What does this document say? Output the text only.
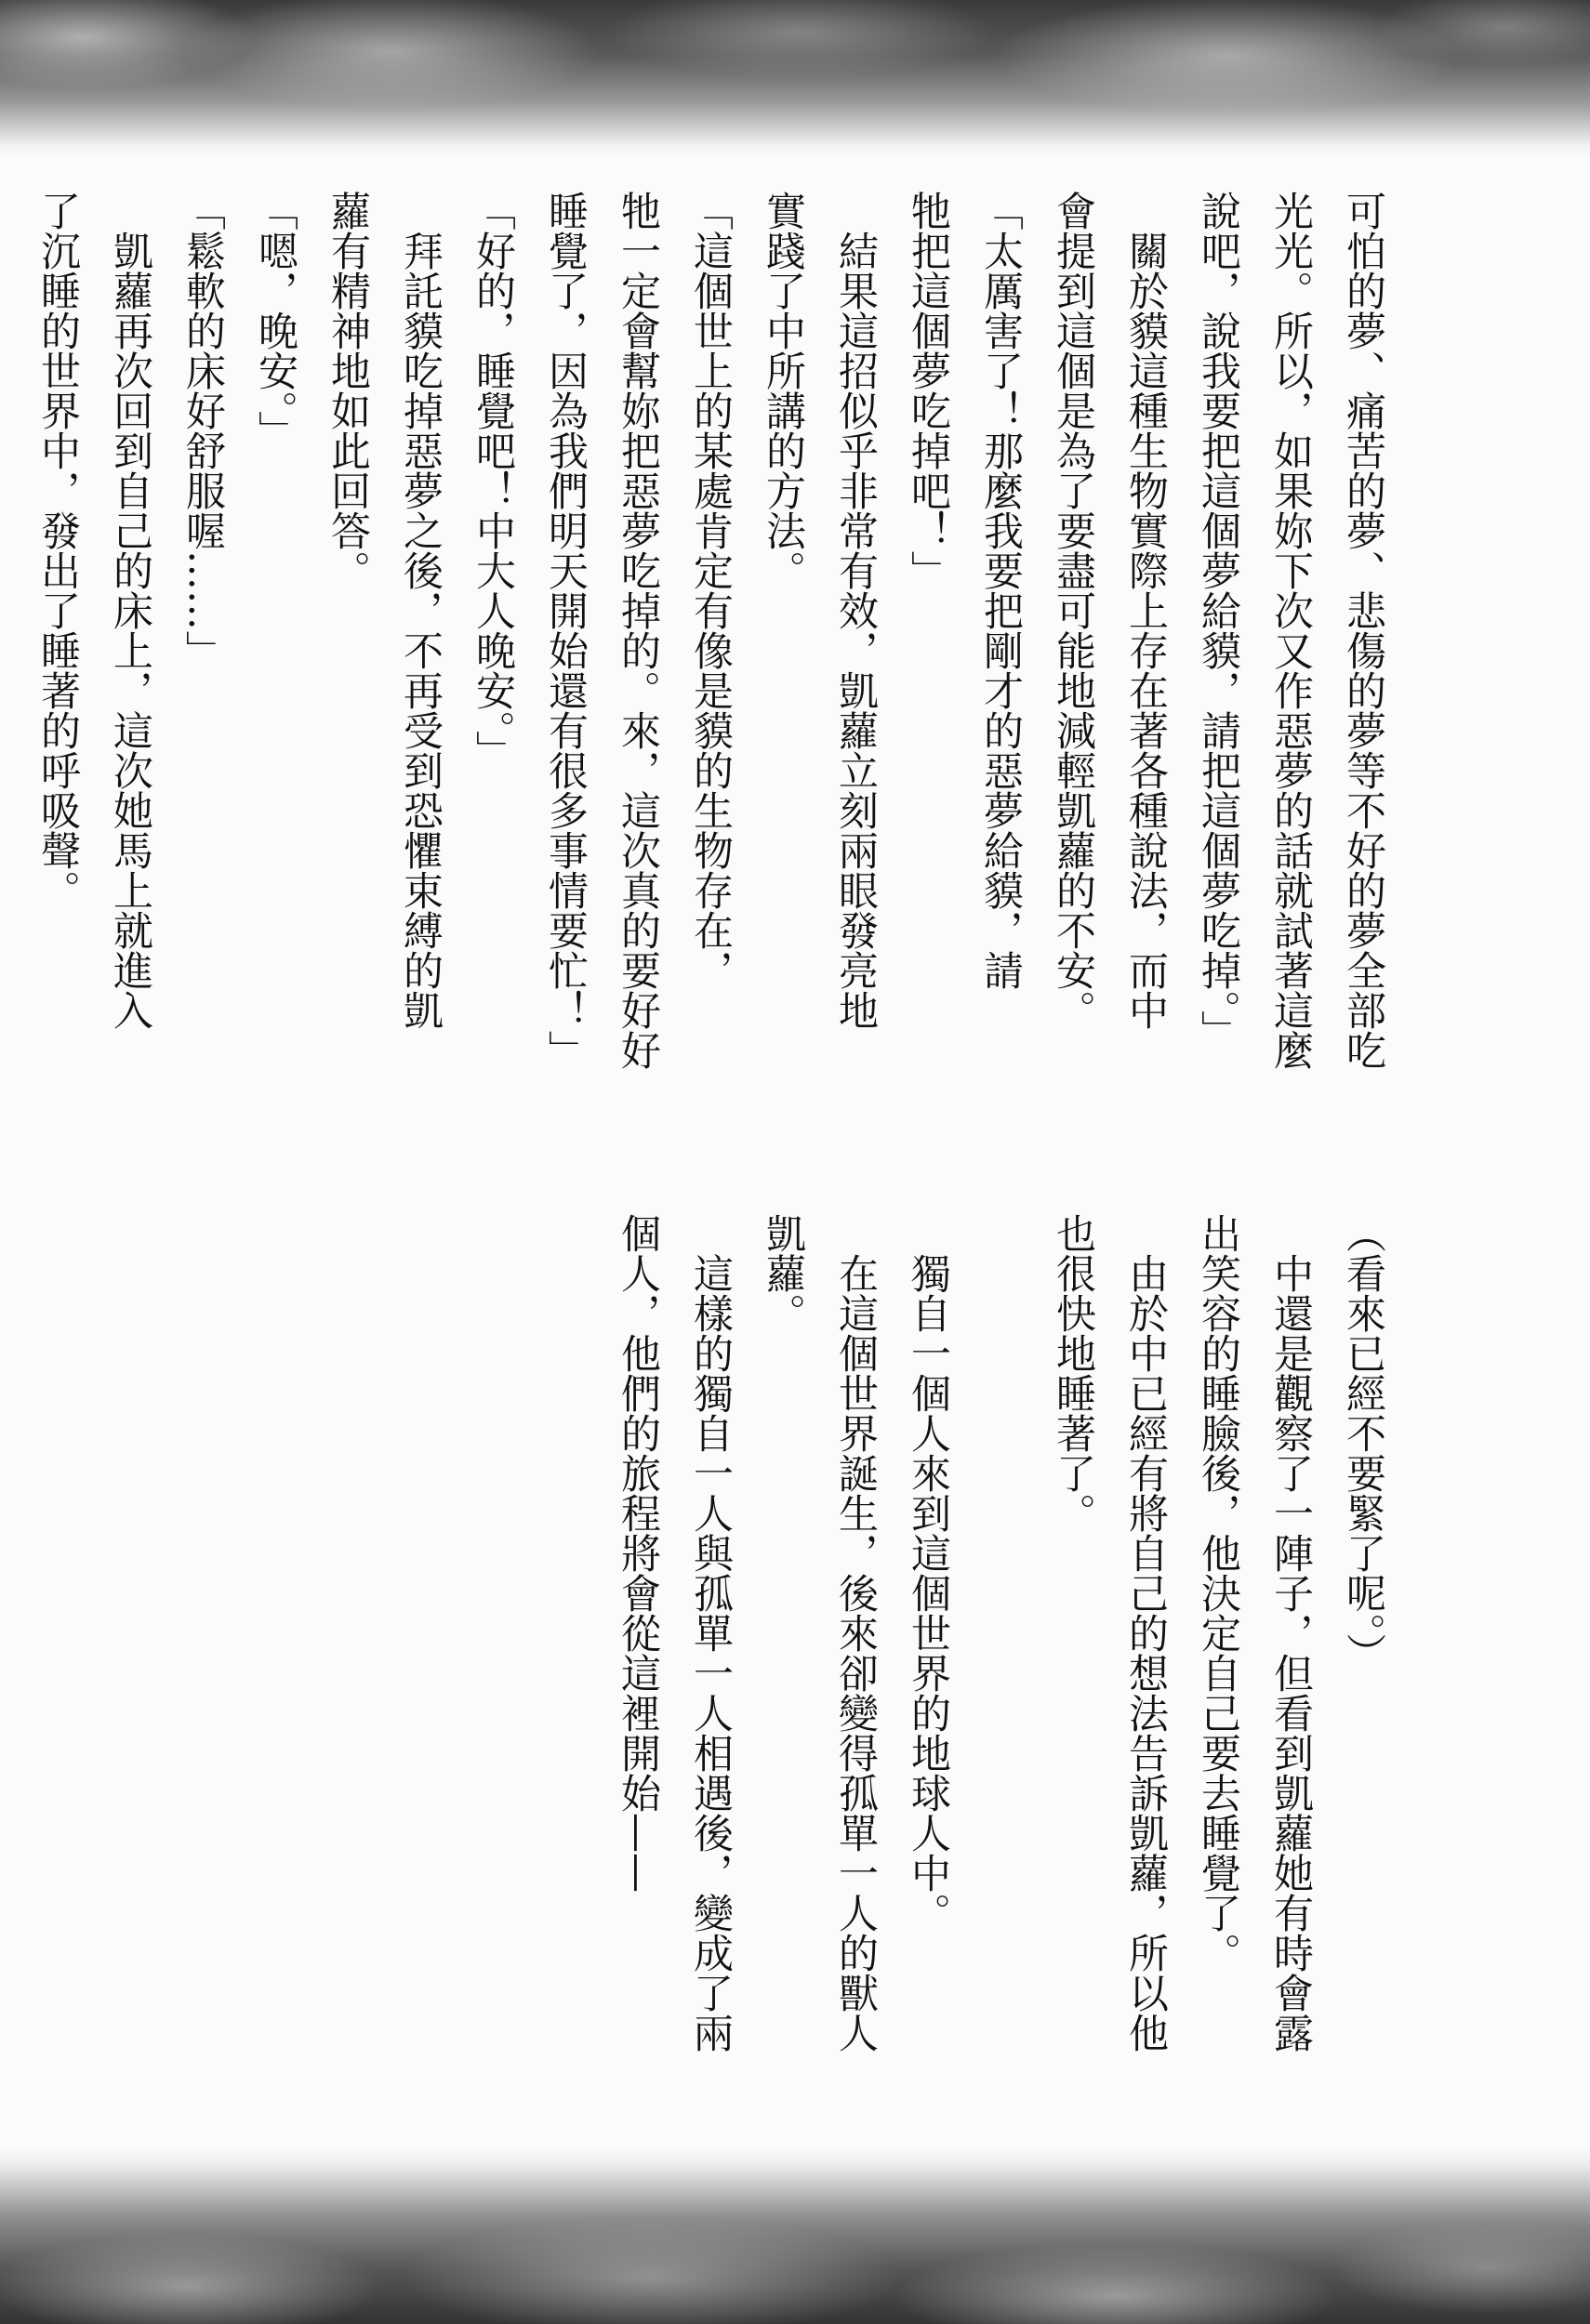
可怕的夢、痛苦的夢、悲傷的夢等不好的夢全部吃
光光。所以，如果妳下次又作惡夢的話就試著這麼
說吧，說我要把這個夢給貘，請把這個夢吃掉。」
　關於貘這種生物實際上存在著各種說法，而中
會提到這個是為了要盡可能地減輕凱蘿的不安。
「太厲害了！那麼我要把剛才的惡夢給貘，請
牠把這個夢吃掉吧！」
　結果這招似乎非常有效，凱蘿立刻兩眼發亮地
實踐了中所講的方法。
「這個世上的某處肯定有像是貘的生物存在，
牠一定會幫妳把惡夢吃掉的。來，這次真的要好好
睡覺了，因為我們明天開始還有很多事情要忙！」
「好的，睡覺吧！中大人晚安。」
　拜託貘吃掉惡夢之後，不再受到恐懼束縛的凱
蘿有精神地如此回答。
「嗯，晚安。」
「鬆軟的床好舒服喔……」
　凱蘿再次回到自己的床上，這次她馬上就進入
了沉睡的世界中，發出了睡著的呼吸聲。
（看來已經不要緊了呢。）
　中還是觀察了一陣子，但看到凱蘿她有時會露
出笑容的睡臉後，他決定自己要去睡覺了。
　由於中已經有將自己的想法告訴凱蘿，所以他
也很快地睡著了。

　獨自一個人來到這個世界的地球人中。
　在這個世界誕生，後來卻變得孤單一人的獸人
凱蘿。
　這樣的獨自一人與孤單一人相遇後，變成了兩
個人，他們的旅程將會從這裡開始——
